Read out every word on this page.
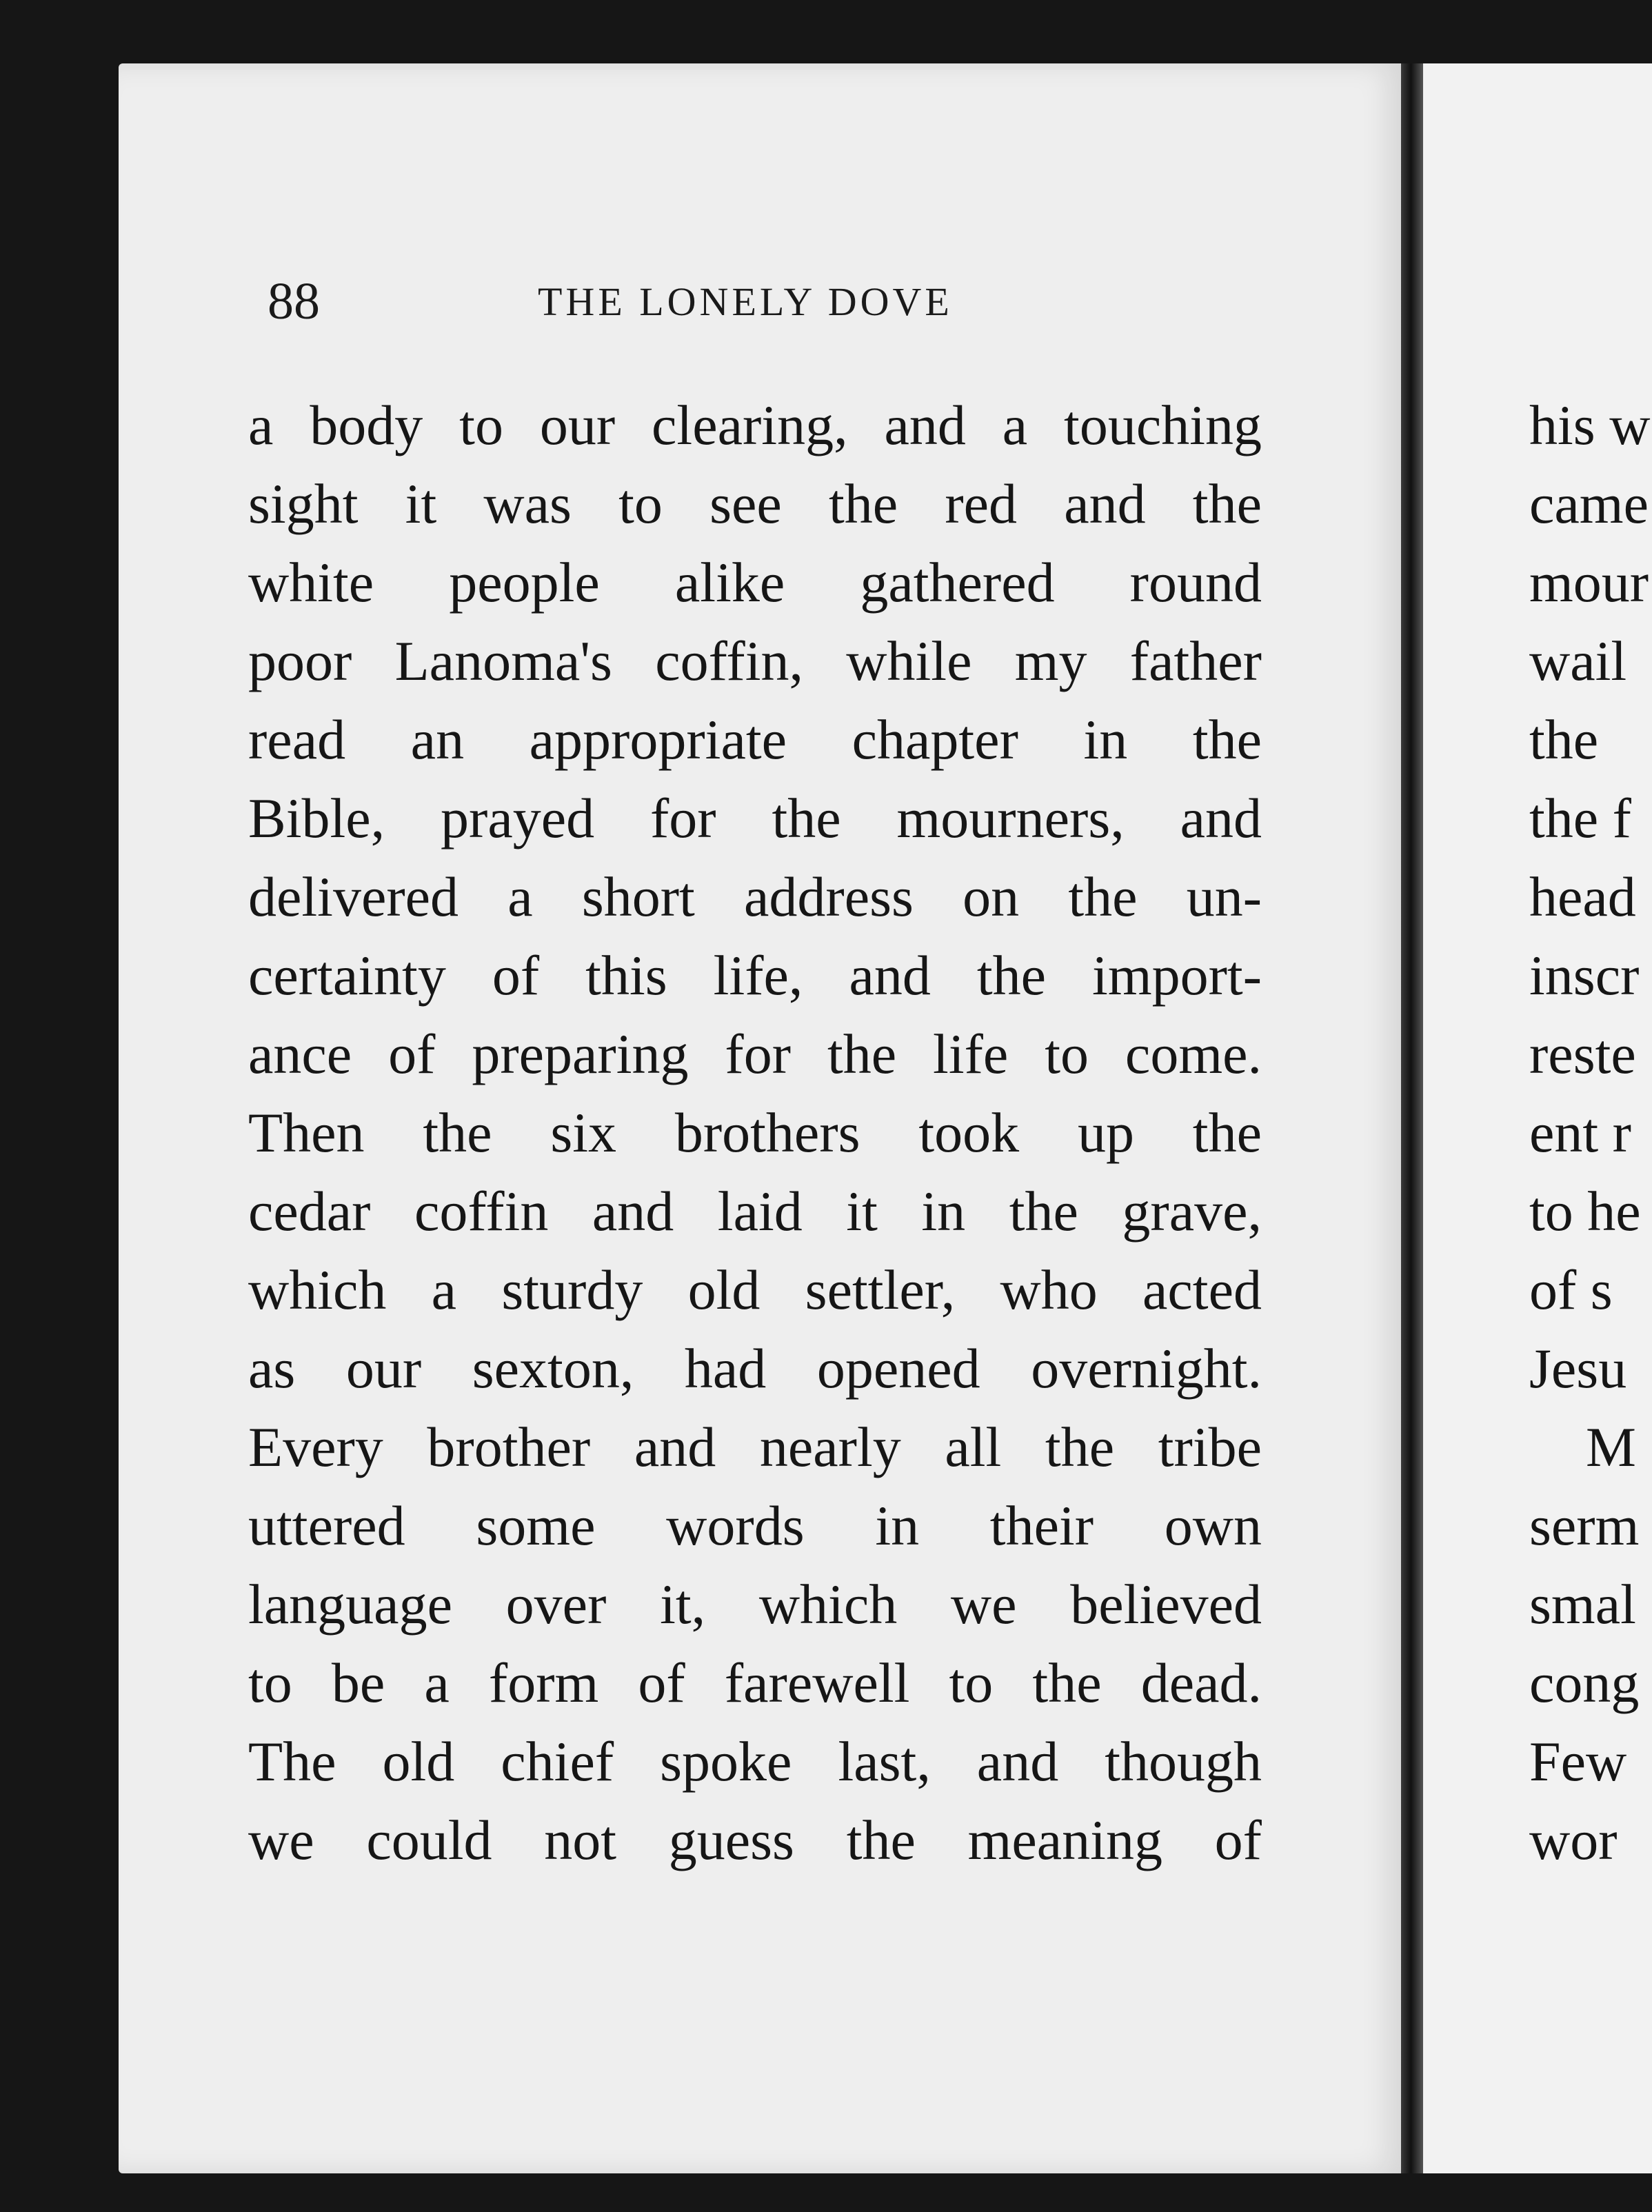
his w
came
mour
wail
the
the f
head
inscr
reste
ent r
to he
of s
Jesu
M
serm
smal
cong
Few
wor
88	THE LONELY DOVE
a body to our clearing, and a touching
sight it was to see the red and the
white people alike gathered round
poor Lanoma's coffin, while my father
read an appropriate chapter in the
Bible, prayed for the mourners, and
delivered a short address on the un-
certainty of this life, and the import-
ance of preparing for the life to come.
Then the six brothers took up the
cedar coffin and laid it in the grave,
which a sturdy old settler, who acted
as our sexton, had opened overnight.
Every brother and nearly all the tribe
uttered some words in their own
language over it, which we believed
to be a form of farewell to the dead.
The old chief spoke last, and though
we could not guess the meaning of
